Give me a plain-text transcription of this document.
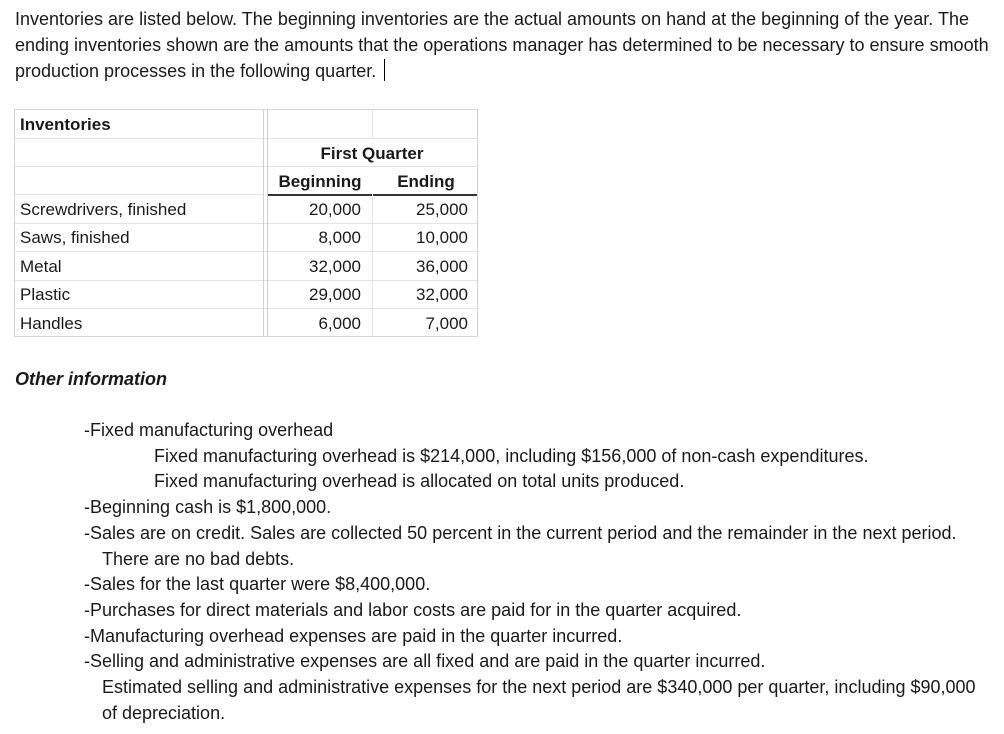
Inventories are listed below. The beginning inventories are the actual amounts on hand at the beginning of the year. The ending inventories shown are the amounts that the operations manager has determined to be necessary to ensure smooth production processes in the following quarter.

Inventories
First Quarter
Beginning	Ending
Screwdrivers, finished	20,000	25,000
Saws, finished	8,000	10,000
Metal	32,000	36,000
Plastic	29,000	32,000
Handles	6,000	7,000

Other information

-Fixed manufacturing overhead
Fixed manufacturing overhead is $214,000, including $156,000 of non-cash expenditures.
Fixed manufacturing overhead is allocated on total units produced.
-Beginning cash is $1,800,000.
-Sales are on credit. Sales are collected 50 percent in the current period and the remainder in the next period. There are no bad debts.
-Sales for the last quarter were $8,400,000.
-Purchases for direct materials and labor costs are paid for in the quarter acquired.
-Manufacturing overhead expenses are paid in the quarter incurred.
-Selling and administrative expenses are all fixed and are paid in the quarter incurred.
Estimated selling and administrative expenses for the next period are $340,000 per quarter, including $90,000 of depreciation.
